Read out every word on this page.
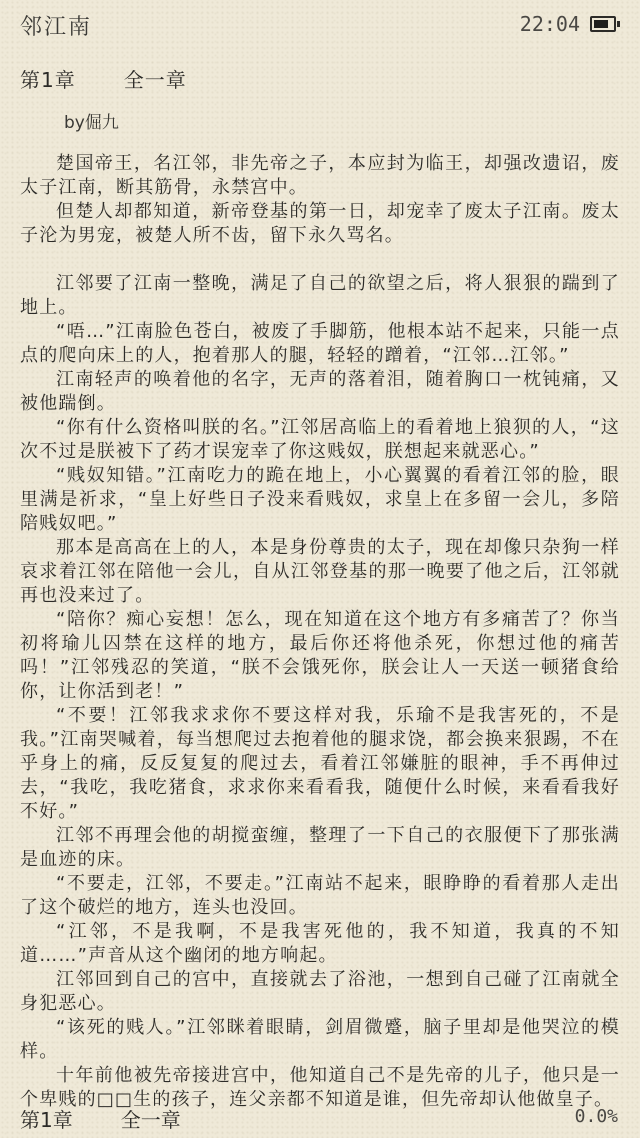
邻江南	22:04
第1章 全一章
by倔九

楚国帝王，名江邻，非先帝之子，本应封为临王，却强改遗诏，废太子江南，断其筋骨，永禁宫中。

但楚人却都知道，新帝登基的第一日，却宠幸了废太子江南。废太子沦为男宠，被楚人所不齿，留下永久骂名。

江邻要了江南一整晚，满足了自己的欲望之后，将人狠狠的踹到了地上。

“唔…”江南脸色苍白，被废了手脚筋，他根本站不起来，只能一点点的爬向床上的人，抱着那人的腿，轻轻的蹭着，“江邻…江邻。”

江南轻声的唤着他的名字，无声的落着泪，随着胸口一枕钝痛，又被他踹倒。

“你有什么资格叫朕的名。”江邻居高临上的看着地上狼狈的人，“这次不过是朕被下了药才误宠幸了你这贱奴，朕想起来就恶心。”

“贱奴知错。”江南吃力的跪在地上，小心翼翼的看着江邻的脸，眼里满是祈求，“皇上好些日子没来看贱奴，求皇上在多留一会儿，多陪陪贱奴吧。”

那本是高高在上的人，本是身份尊贵的太子，现在却像只杂狗一样哀求着江邻在陪他一会儿，自从江邻登基的那一晚要了他之后，江邻就再也没来过了。

“陪你？痴心妄想！怎么，现在知道在这个地方有多痛苦了？你当初将瑜儿囚禁在这样的地方，最后你还将他杀死，你想过他的痛苦吗！”江邻残忍的笑道，“朕不会饿死你，朕会让人一天送一顿猪食给你，让你活到老！”

“不要！江邻我求求你不要这样对我，乐瑜不是我害死的，不是我。”江南哭喊着，每当想爬过去抱着他的腿求饶，都会换来狠踢，不在乎身上的痛，反反复复的爬过去，看着江邻嫌脏的眼神，手不再伸过去，“我吃，我吃猪食，求求你来看看我，随便什么时候，来看看我好不好。”

江邻不再理会他的胡搅蛮缠，整理了一下自己的衣服便下了那张满是血迹的床。

“不要走，江邻，不要走。”江南站不起来，眼睁睁的看着那人走出了这个破烂的地方，连头也没回。

“江邻，不是我啊，不是我害死他的，我不知道，我真的不知道……”声音从这个幽闭的地方响起。

江邻回到自己的宫中，直接就去了浴池，一想到自己碰了江南就全身犯恶心。

“该死的贱人。”江邻眯着眼睛，剑眉微蹙，脑子里却是他哭泣的模样。

十年前他被先帝接进宫中，他知道自己不是先帝的儿子，他只是一个卑贱的□□生的孩子，连父亲都不知道是谁，但先帝却认他做皇子。

第1章 全一章	0.0%
